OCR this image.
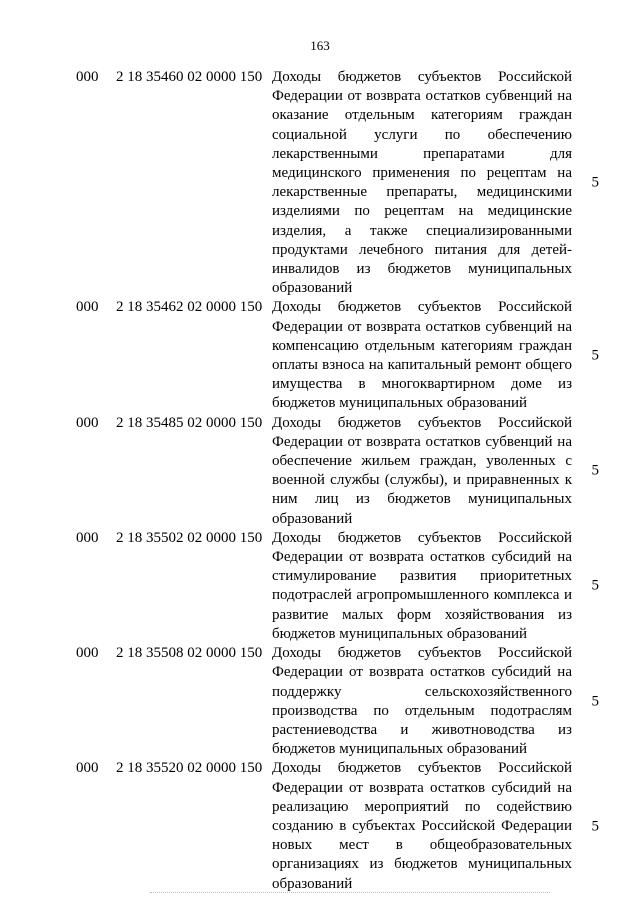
163
000 2 18 35460 02 0000 150 Доходы бюджетов субъектов Российской Федерации от возврата остатков субвенций на оказание отдельным категориям граждан социальной услуги по обеспечению лекарственными препаратами для медицинского применения по рецептам на лекарственные препараты, медицинскими изделиями по рецептам на медицинские изделия, а также специализированными продуктами лечебного питания для детей-инвалидов из бюджетов муниципальных образований
5
000 2 18 35462 02 0000 150 Доходы бюджетов субъектов Российской Федерации от возврата остатков субвенций на компенсацию отдельным категориям граждан оплаты взноса на капитальный ремонт общего имущества в многоквартирном доме из бюджетов муниципальных образований
5
000 2 18 35485 02 0000 150 Доходы бюджетов субъектов Российской Федерации от возврата остатков субвенций на обеспечение жильем граждан, уволенных с военной службы (службы), и приравненных к ним лиц из бюджетов муниципальных образований
5
000 2 18 35502 02 0000 150 Доходы бюджетов субъектов Российской Федерации от возврата остатков субсидий на стимулирование развития приоритетных подотраслей агропромышленного комплекса и развитие малых форм хозяйствования из бюджетов муниципальных образований
5
000 2 18 35508 02 0000 150 Доходы бюджетов субъектов Российской Федерации от возврата остатков субсидий на поддержку сельскохозяйственного производства по отдельным подотраслям растениеводства и животноводства из бюджетов муниципальных образований
5
000 2 18 35520 02 0000 150 Доходы бюджетов субъектов Российской Федерации от возврата остатков субсидий на реализацию мероприятий по содействию созданию в субъектах Российской Федерации новых мест в общеобразовательных организациях из бюджетов муниципальных образований
5
